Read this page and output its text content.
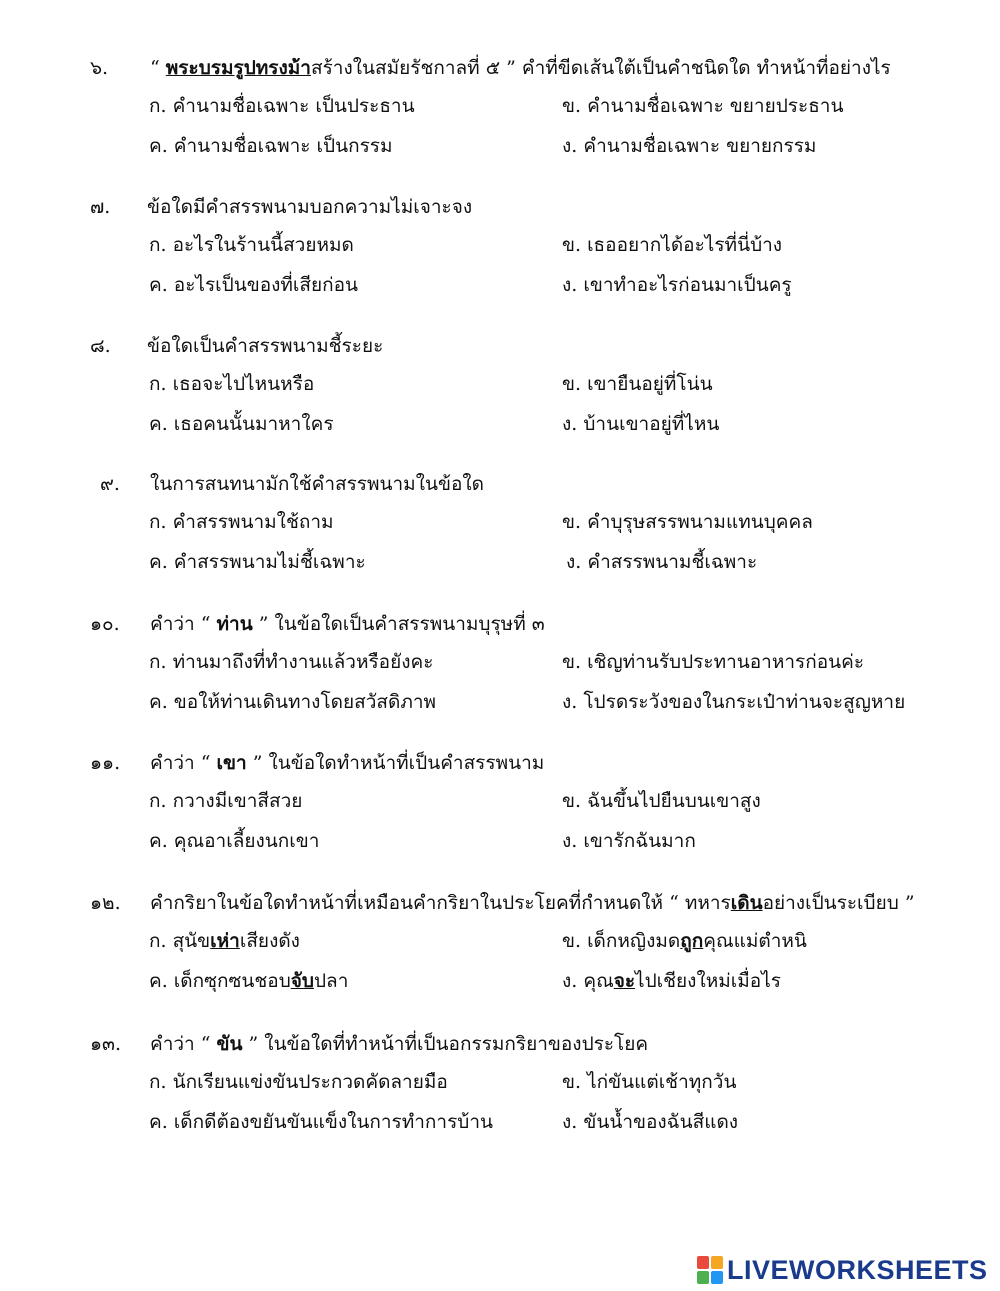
๖. “ พระบรมรูปทรงม้าสร้างในสมัยรัชกาลที่ ๕ ” คำที่ขีดเส้นใต้เป็นคำชนิดใด ทำหน้าที่อย่างไร
ก. คำนามชื่อเฉพาะ เป็นประธาน	ข. คำนามชื่อเฉพาะ ขยายประธาน
ค. คำนามชื่อเฉพาะ เป็นกรรม	ง. คำนามชื่อเฉพาะ ขยายกรรม
๗. ข้อใดมีคำสรรพนามบอกความไม่เจาะจง
ก. อะไรในร้านนี้สวยหมด	ข. เธออยากได้อะไรที่นี่บ้าง
ค. อะไรเป็นของที่เสียก่อน	ง. เขาทำอะไรก่อนมาเป็นครู
๘. ข้อใดเป็นคำสรรพนามชี้ระยะ
ก. เธอจะไปไหนหรือ	ข. เขายืนอยู่ที่โน่น
ค. เธอคนนั้นมาหาใคร	ง. บ้านเขาอยู่ที่ไหน
๙. ในการสนทนามักใช้คำสรรพนามในข้อใด
ก. คำสรรพนามใช้ถาม	ข. คำบุรุษสรรพนามแทนบุคคล
ค. คำสรรพนามไม่ชี้เฉพาะ	ง. คำสรรพนามชี้เฉพาะ
๑๐. คำว่า “ ท่าน ” ในข้อใดเป็นคำสรรพนามบุรุษที่ ๓
ก. ท่านมาถึงที่ทำงานแล้วหรือยังคะ	ข. เชิญท่านรับประทานอาหารก่อนค่ะ
ค. ขอให้ท่านเดินทางโดยสวัสดิภาพ	ง. โปรดระวังของในกระเป๋าท่านจะสูญหาย
๑๑. คำว่า “ เขา ” ในข้อใดทำหน้าที่เป็นคำสรรพนาม
ก. กวางมีเขาสีสวย	ข. ฉันขึ้นไปยืนบนเขาสูง
ค. คุณอาเลี้ยงนกเขา	ง. เขารักฉันมาก
๑๒. คำกริยาในข้อใดทำหน้าที่เหมือนคำกริยาในประโยคที่กำหนดให้ “ ทหารเดินอย่างเป็นระเบียบ ”
ก. สุนัขเห่าเสียงดัง	ข. เด็กหญิงมดถูกคุณแม่ตำหนิ
ค. เด็กซุกซนชอบจับปลา	ง. คุณจะไปเชียงใหม่เมื่อไร
๑๓. คำว่า “ ขัน ” ในข้อใดที่ทำหน้าที่เป็นอกรรมกริยาของประโยค
ก. นักเรียนแข่งขันประกวดคัดลายมือ	ข. ไก่ขันแต่เช้าทุกวัน
ค. เด็กดีต้องขยันขันแข็งในการทำการบ้าน	ง. ขันน้ำของฉันสีแดง
LIVEWORKSHEETS
